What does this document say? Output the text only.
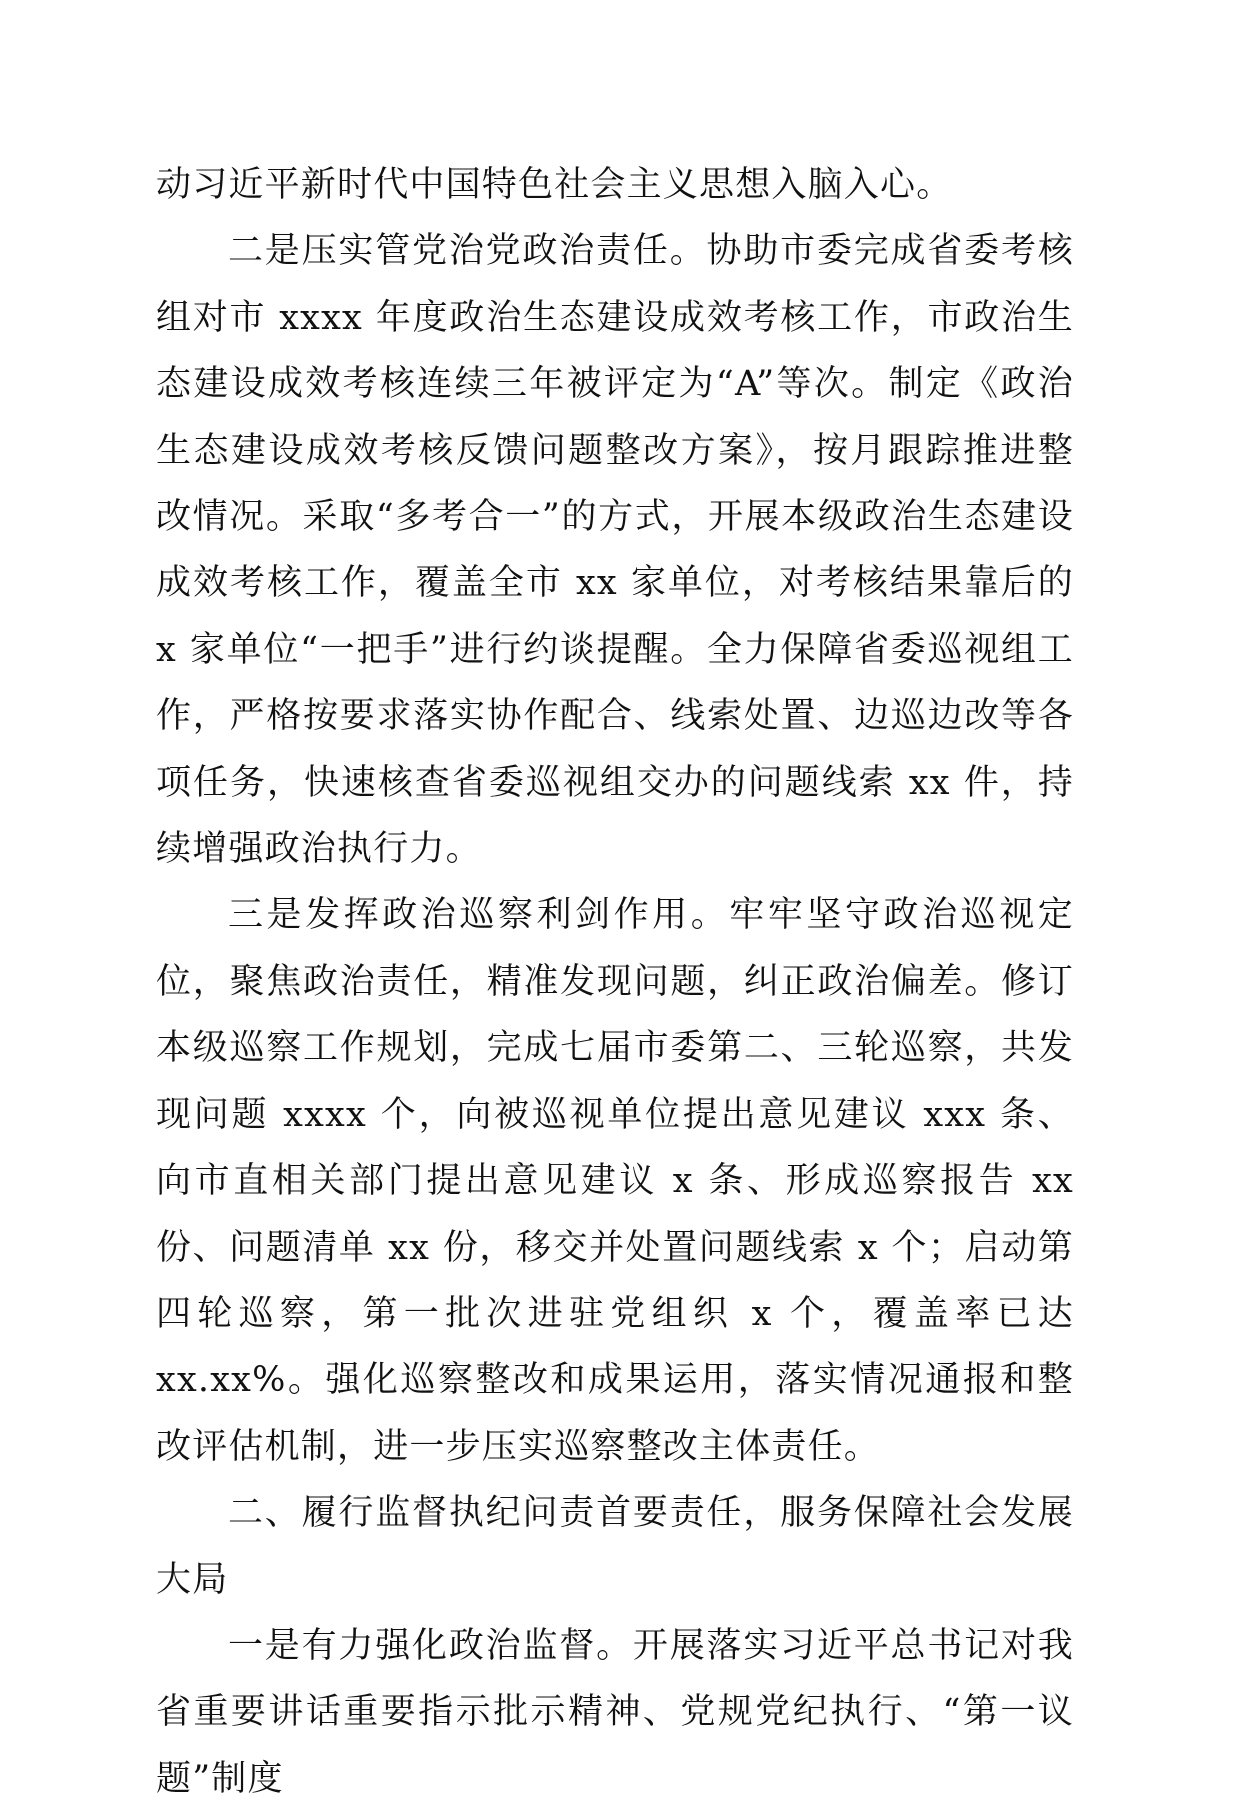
动习近平新时代中国特色社会主义思想入脑入心。

二是压实管党治党政治责任。协助市委完成省委考核组对市 xxxx 年度政治生态建设成效考核工作，市政治生态建设成效考核连续三年被评定为“A”等次。制定《政治生态建设成效考核反馈问题整改方案》，按月跟踪推进整改情况。采取“多考合一”的方式，开展本级政治生态建设成效考核工作，覆盖全市 xx 家单位，对考核结果靠后的 x 家单位“一把手”进行约谈提醒。全力保障省委巡视组工作，严格按要求落实协作配合、线索处置、边巡边改等各项任务，快速核查省委巡视组交办的问题线索 xx 件，持续增强政治执行力。

三是发挥政治巡察利剑作用。牢牢坚守政治巡视定位，聚焦政治责任，精准发现问题，纠正政治偏差。修订本级巡察工作规划，完成七届市委第二、三轮巡察，共发现问题 xxxx 个，向被巡视单位提出意见建议 xxx 条、向市直相关部门提出意见建议 x 条、形成巡察报告 xx 份、问题清单 xx 份，移交并处置问题线索 x 个；启动第四轮巡察，第一批次进驻党组织 x 个，覆盖率已达 xx.xx%。强化巡察整改和成果运用，落实情况通报和整改评估机制，进一步压实巡察整改主体责任。

二、履行监督执纪问责首要责任，服务保障社会发展大局

一是有力强化政治监督。开展落实习近平总书记对我省重要讲话重要指示批示精神、党规党纪执行、“第一议题”制度
